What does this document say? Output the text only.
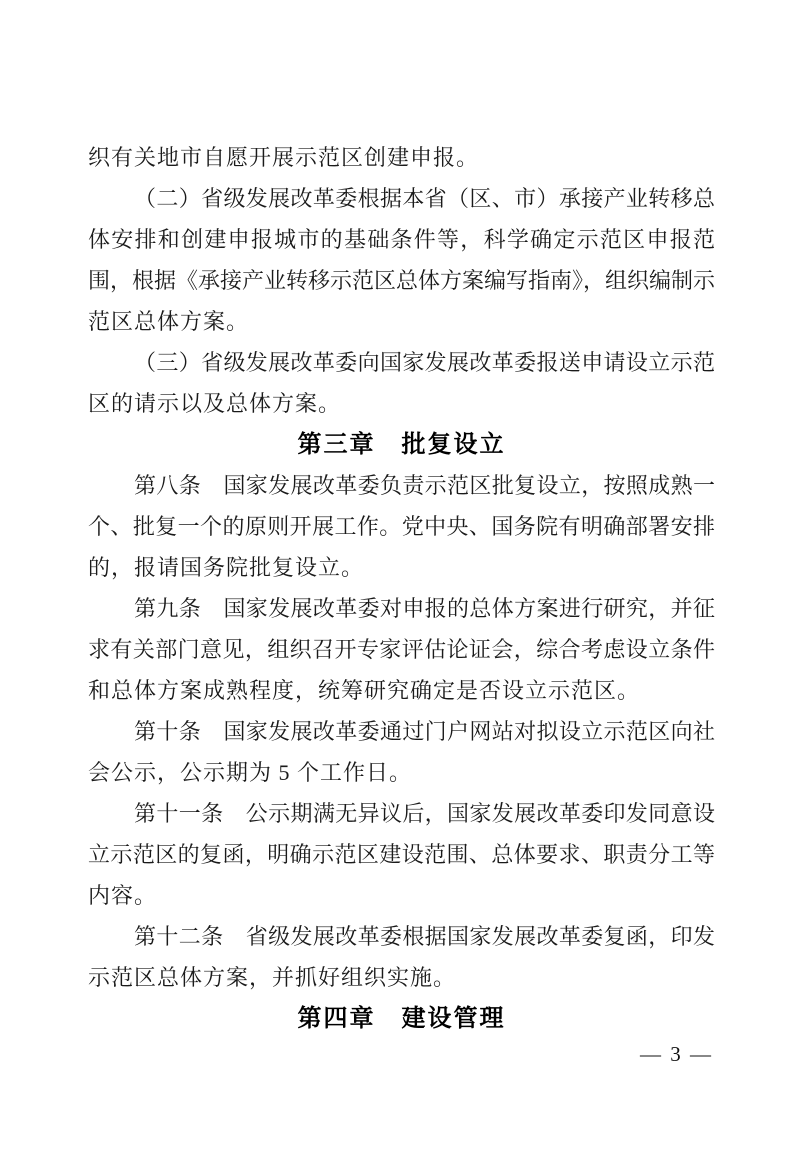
织有关地市自愿开展示范区创建申报。
（二）省级发展改革委根据本省（区、市）承接产业转移总
体安排和创建申报城市的基础条件等，科学确定示范区申报范
围，根据《承接产业转移示范区总体方案编写指南》，组织编制示
范区总体方案。
（三）省级发展改革委向国家发展改革委报送申请设立示范
区的请示以及总体方案。
第三章　批复设立
第八条　国家发展改革委负责示范区批复设立，按照成熟一
个、批复一个的原则开展工作。党中央、国务院有明确部署安排
的，报请国务院批复设立。
第九条　国家发展改革委对申报的总体方案进行研究，并征
求有关部门意见，组织召开专家评估论证会，综合考虑设立条件
和总体方案成熟程度，统筹研究确定是否设立示范区。
第十条　国家发展改革委通过门户网站对拟设立示范区向社
会公示，公示期为 5 个工作日。
第十一条　公示期满无异议后，国家发展改革委印发同意设
立示范区的复函，明确示范区建设范围、总体要求、职责分工等
内容。
第十二条　省级发展改革委根据国家发展改革委复函，印发
示范区总体方案，并抓好组织实施。
第四章　建设管理
— 3 —
